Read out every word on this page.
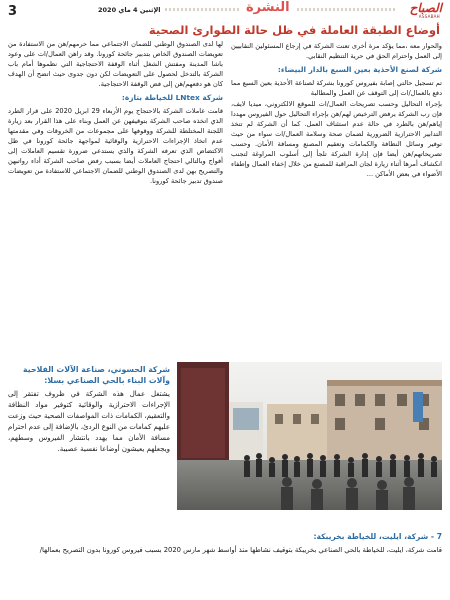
3	الإثنين 4 ماي 2020	النشرة	الصباح
ASSABAH
أوضاع الطبقة العاملة في ظل حالة الطوارئ الصحية

والحوار معه ،مما يؤكد مرة أخرى تعنت الشركة في إرجاع المسئولين النقابيين إلى العمل واحترام الحق في حرية التنظيم النقابي.

شركة لصنع الأحذية بعين السبع بالدار البيضاء:

تم تسجيل حالتي إصابة بفيروس كورونا بشركة لصناعة الأحذية بعين السبع مما دفع بالعمال/ات إلى التوقف عن العمل والمطالبة

بإجراء التحاليل وحسب تصريحات العمال/ات للموقع الالكتروني، ميديا لايف، فإن رب الشركة يرفض الترخيص لهم/هن بإجراء التحاليل حول الفيروس مهددا إياهم/هن بالطرد في حالة عدم استئناف العمل. كما أن الشركة لم تتخذ التدابير الاحترازية الضرورية لضمان صحة وسلامة العمال/ات سواء من حيث توفير وسائل النظافة والكمامات وتعقيم المصنع ومسافة الأمان. وحسب تصريحاتهم/هن أيضا فإن إدارة الشركة تلجأ إلى أسلوب المراوغة لتجنب انكشاف أمرها أثناء زيارة لجان المراقبة للمصنع من خلال إخفاء العمال وإطفاء الأضواء في بعض الأماكن ...

لها لدى الصندوق الوطني للضمان الاجتماعي مما حرمهم/هن من الاستفادة من تعويضات الصندوق الخاص بتدبير جائحة كورونا. وقد راهن العمال/ات على وعود باشا المدينة ومفتش الشغل أثناء الوقفة الاحتجاجية التي نظموها أمام باب الشركة بالتدخل لحصول على التعويضات لكن دون جدوى حيث اتضح أن الهدف كان هو دفعهم/هن إلى فض الوقفة الاحتجاجية.

شركة LNtex للخياطة بتازة:

قامت عاملات الشركة بالاحتجاج يوم الأربعاء 29 ابريل 2020 على قرار الطرد الذي اتخذه صاحب الشركة بتوقيفهن عن العمل وبناء على هذا القرار بعد زيارة اللجنة المختلطة للشركة ووقوفها على مجموعات من الخروقات وفي مقدمتها عدم اتخاذ الإجراءات الاحترازية والوقائية لمواجهة جائحة كورونا في ظل الاكتضاض الذي تعرفه الشركة والذي يستدعي ضرورة تقسيم العاملات إلى أفواج وبالتالي احتجاج العاملات أيضا بسبب رفض صاحب الشركة أداء رواتبهن والتصريح بهن لدى الصندوق الوطني للضمان الاجتماعي للاستفادة من تعويضات صندوق تدبير جائحة كورونا.

شركة الحسوني، صناعة الآلات الفلاحية وآلات البناء بالحي الصناعي بسلا:

يشتغل عمال هذه الشركة في ظروف تفتقر إلى الإجراءات الاحترازية والوقائية كتوفير مواد النظافة والتعقيم، الكمامات ذات المواصفات الصحية حيث وزعت عليهم كمامات من النوع الردئ، بالإضافة إلى عدم احترام مسافة الأمان مما يهدد بانتشار الفيروس وسطهم، ويجعلهم يعيشون أوضاعا نفسية عصيبة.

7 - شركة، ايليت، للخياطة بخريبكة:

قامت شركة، ايليت، للخياطة بالحي الصناعي بخريبكة بتوقيف نشاطها منذ أواسط شهر مارس 2020 بسبب فيروس كورونا بدون التصريح بعمالها/
